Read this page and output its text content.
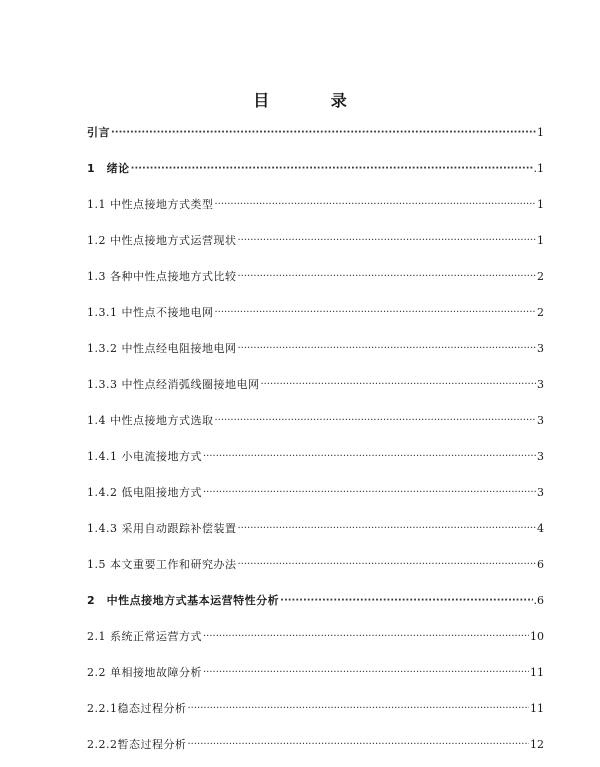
目 录
引言 ·····	1
1　绪论 ·····	.1
1.1 中性点接地方式类型 ·····	1
1.2 中性点接地方式运营现状 ·····	1
1.3 各种中性点接地方式比较 ·····	2
1.3.1 中性点不接地电网 ·····	2
1.3.2 中性点经电阻接地电网 ·····	3
1.3.3 中性点经消弧线圈接地电网 ·····	3
1.4 中性点接地方式选取 ·····	3
1.4.1 小电流接地方式 ·····	3
1.4.2 低电阻接地方式 ·····	3
1.4.3 采用自动跟踪补偿装置 ·····	4
1.5 本文重要工作和研究办法 ·····	6
2　中性点接地方式基本运营特性分析 ·····	.6
2.1 系统正常运营方式 ·····	10
2.2 单相接地故障分析 ·····	11
2.2.1稳态过程分析 ·····	11
2.2.2暂态过程分析 ·····	12
